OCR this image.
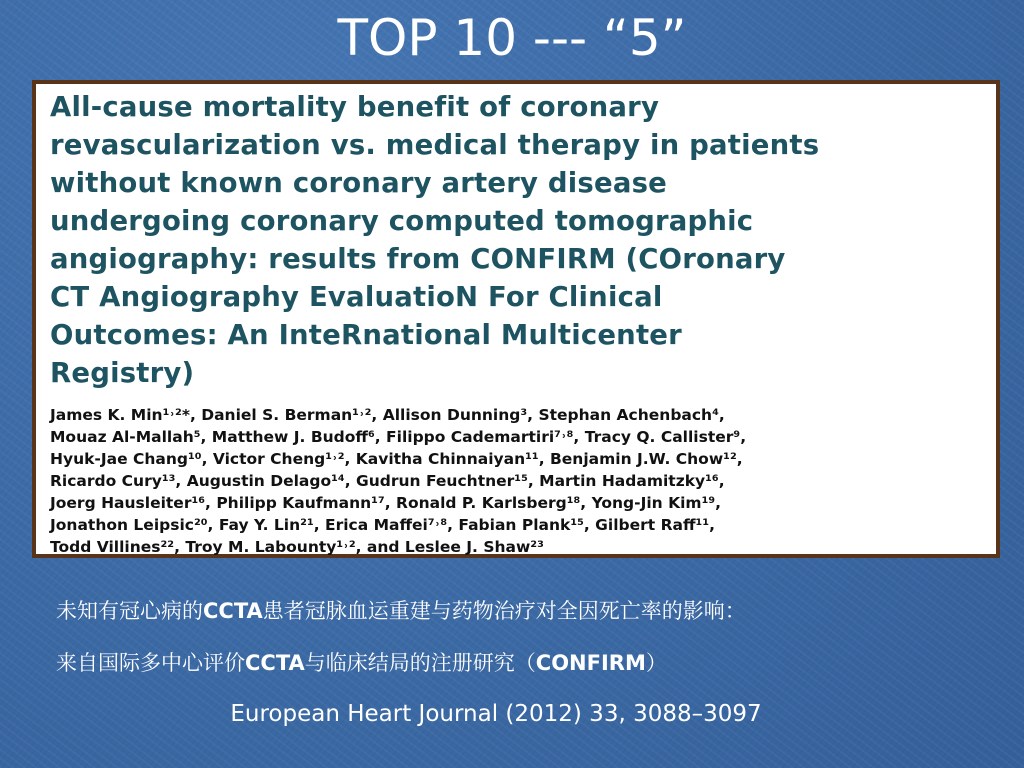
TOP 10 --- “5”
All-cause mortality benefit of coronary
revascularization vs. medical therapy in patients
without known coronary artery disease
undergoing coronary computed tomographic
angiography: results from CONFIRM (COronary
CT Angiography EvaluatioN For Clinical
Outcomes: An InteRnational Multicenter
Registry)
James K. Min¹˒²*, Daniel S. Berman¹˒², Allison Dunning³, Stephan Achenbach⁴,
Mouaz Al-Mallah⁵, Matthew J. Budoff⁶, Filippo Cademartiri⁷˒⁸, Tracy Q. Callister⁹,
Hyuk-Jae Chang¹⁰, Victor Cheng¹˒², Kavitha Chinnaiyan¹¹, Benjamin J.W. Chow¹²,
Ricardo Cury¹³, Augustin Delago¹⁴, Gudrun Feuchtner¹⁵, Martin Hadamitzky¹⁶,
Joerg Hausleiter¹⁶, Philipp Kaufmann¹⁷, Ronald P. Karlsberg¹⁸, Yong-Jin Kim¹⁹,
Jonathon Leipsic²⁰, Fay Y. Lin²¹, Erica Maffei⁷˒⁸, Fabian Plank¹⁵, Gilbert Raff¹¹,
Todd Villines²², Troy M. Labounty¹˒², and Leslee J. Shaw²³
未知有冠心病的CCTA患者冠脉血运重建与药物治疗对全因死亡率的影响：
来自国际多中心评价CCTA与临床结局的注册研究（CONFIRM）
European Heart Journal (2012) 33, 3088–3097
